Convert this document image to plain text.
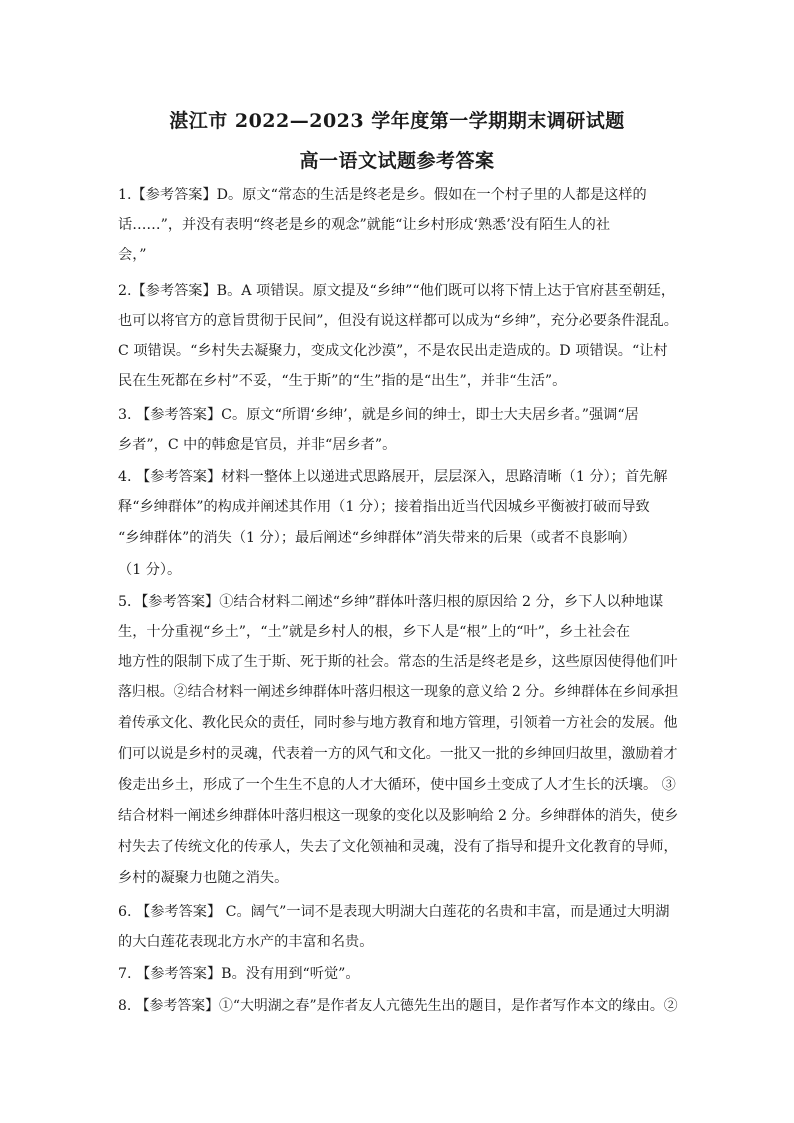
湛江市 2022—2023 学年度第一学期期末调研试题
高一语文试题参考答案
1.【参考答案】D。原文“常态的生活是终老是乡。假如在一个村子里的人都是这样的
话……”，并没有表明“终老是乡的观念”就能“让乡村形成‘熟悉’没有陌生人的社
会，”
2.【参考答案】B。A 项错误。原文提及“乡绅”“他们既可以将下情上达于官府甚至朝廷，
也可以将官方的意旨贯彻于民间”，但没有说这样都可以成为“乡绅”，充分必要条件混乱。
C 项错误。“乡村失去凝聚力，变成文化沙漠”，不是农民出走造成的。D 项错误。“让村
民在生死都在乡村”不妥，“生于斯”的“生”指的是“出生”，并非“生活”。
3. 【参考答案】C。原文“所谓‘乡绅’，就是乡间的绅士，即士大夫居乡者。”强调“居
乡者”，C 中的韩愈是官员，并非“居乡者”。
4. 【参考答案】材料一整体上以递进式思路展开，层层深入，思路清晰（1 分）；首先解
释“乡绅群体”的构成并阐述其作用（1 分）；接着指出近当代因城乡平衡被打破而导致
“乡绅群体”的消失（1 分）；最后阐述“乡绅群体”消失带来的后果（或者不良影响）
（1 分）。
5．【参考答案】①结合材料二阐述“乡绅”群体叶落归根的原因给 2 分，乡下人以种地谋
生，十分重视“乡土”，“土”就是乡村人的根，乡下人是“根”上的“叶”，乡土社会在
地方性的限制下成了生于斯、死于斯的社会。常态的生活是终老是乡，这些原因使得他们叶
落归根。②结合材料一阐述乡绅群体叶落归根这一现象的意义给 2 分。乡绅群体在乡间承担
着传承文化、教化民众的责任，同时参与地方教育和地方管理，引领着一方社会的发展。他
们可以说是乡村的灵魂，代表着一方的风气和文化。一批又一批的乡绅回归故里，激励着才
俊走出乡土，形成了一个生生不息的人才大循环，使中国乡土变成了人才生长的沃壤。 ③
结合材料一阐述乡绅群体叶落归根这一现象的变化以及影响给 2 分。乡绅群体的消失，使乡
村失去了传统文化的传承人，失去了文化领袖和灵魂，没有了指导和提升文化教育的导师，
乡村的凝聚力也随之消失。
6. 【参考答案】 C。阔气”一词不是表现大明湖大白莲花的名贵和丰富，而是通过大明湖
的大白莲花表现北方水产的丰富和名贵。
7. 【参考答案】B。没有用到“听觉”。
8. 【参考答案】①“大明湖之春”是作者友人亢德先生出的题目，是作者写作本文的缘由。②
